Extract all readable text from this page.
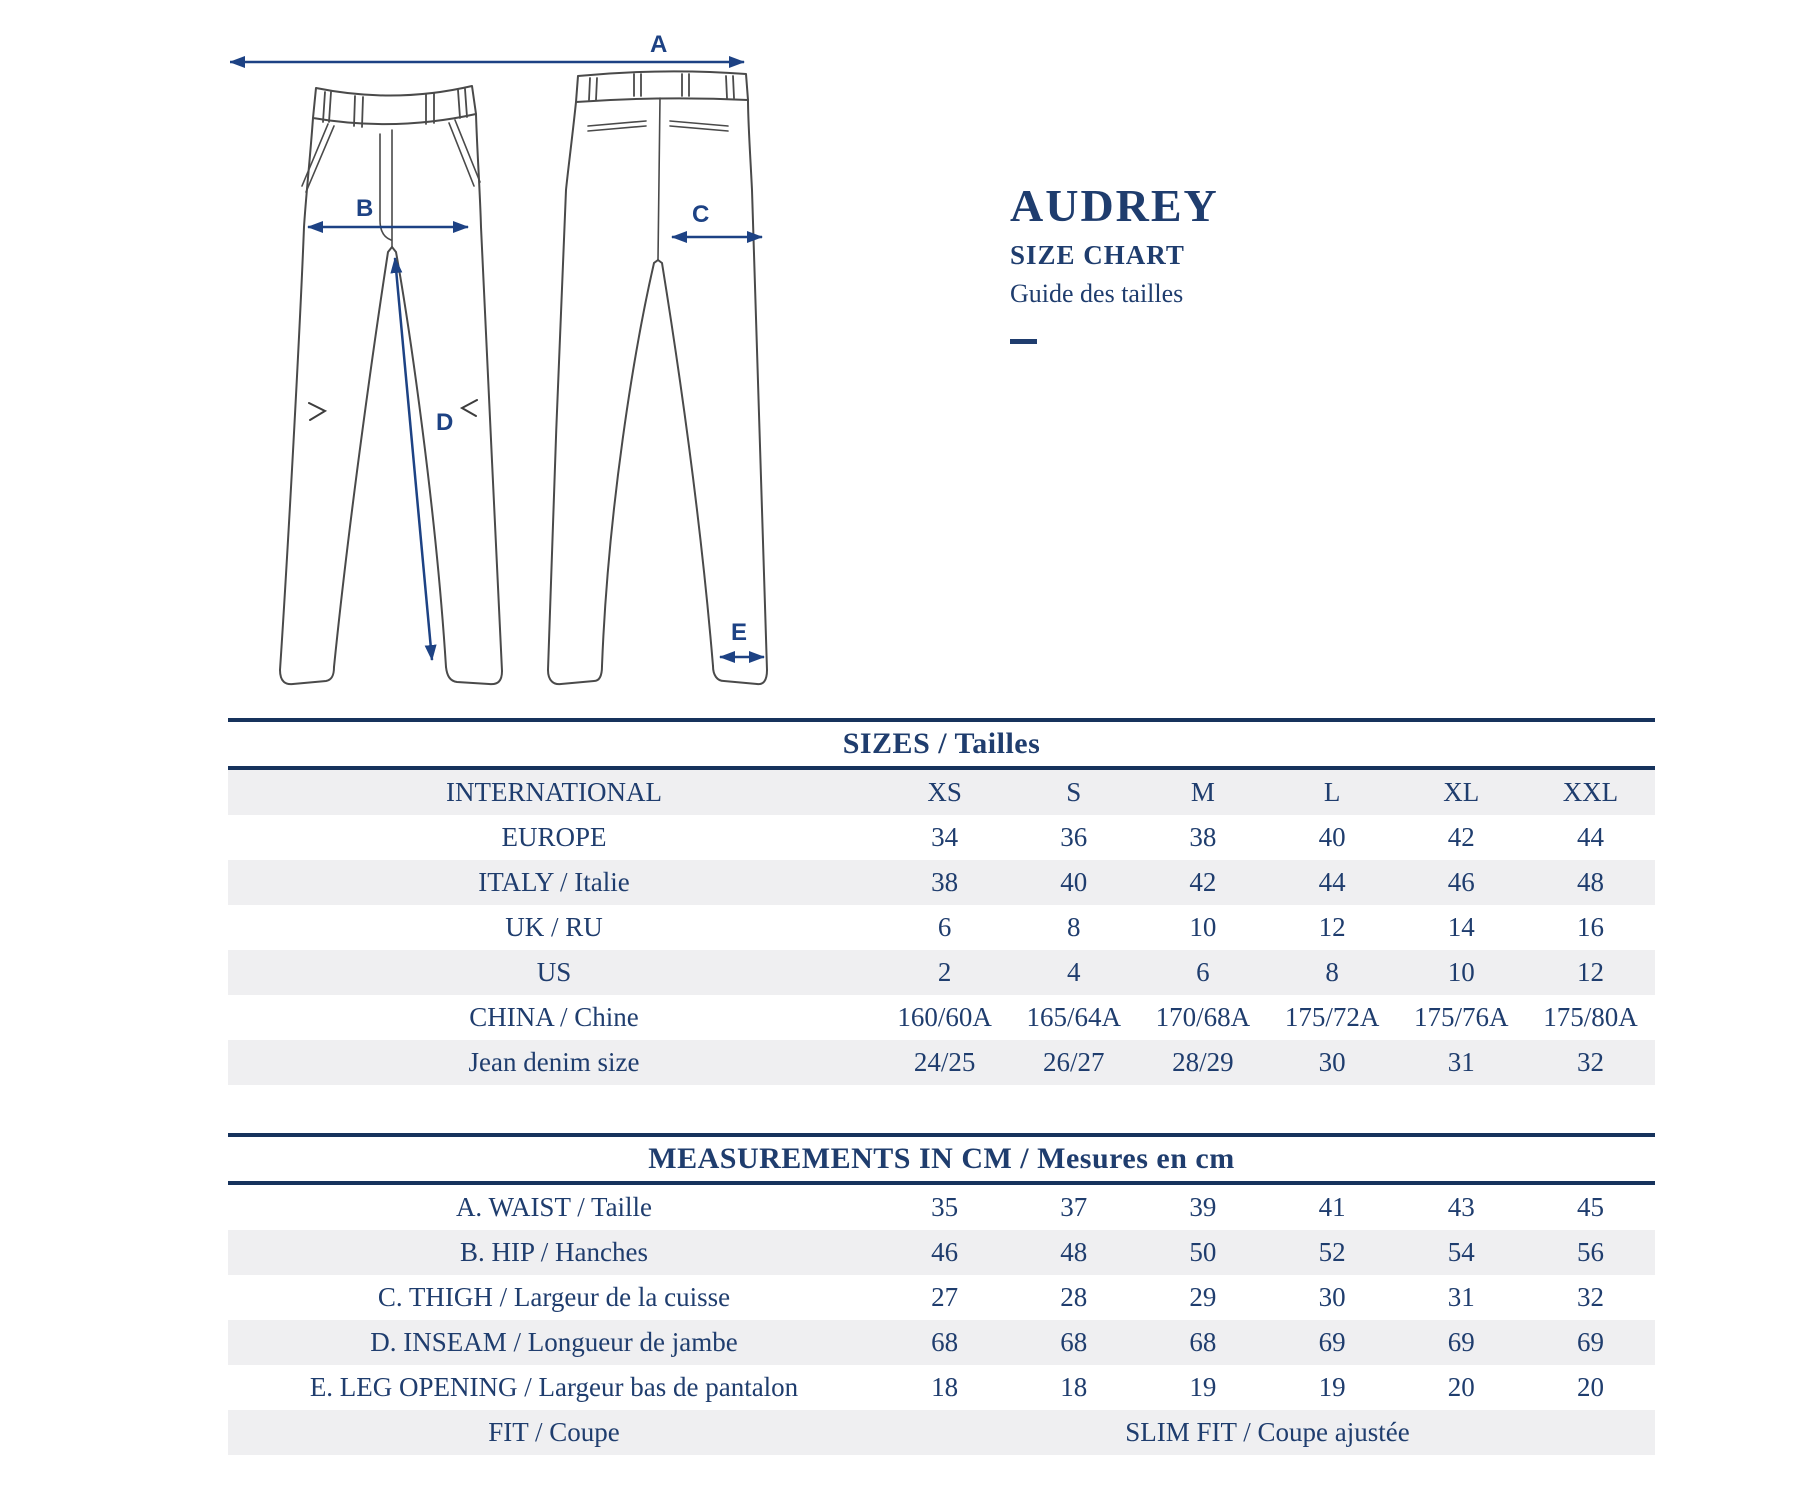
A
B	C
D
E
AUDREY
SIZE CHART
Guide des tailles
SIZES / Tailles
INTERNATIONAL	XS	S	M	L	XL	XXL
EUROPE	34	36	38	40	42	44
ITALY / Italie	38	40	42	44	46	48
UK / RU	6	8	10	12	14	16
US	2	4	6	8	10	12
CHINA / Chine	160/60A	165/64A	170/68A	175/72A	175/76A	175/80A
Jean denim size	24/25	26/27	28/29	30	31	32
MEASUREMENTS IN CM / Mesures en cm
A. WAIST / Taille	35	37	39	41	43	45
B. HIP / Hanches	46	48	50	52	54	56
C. THIGH / Largeur de la cuisse	27	28	29	30	31	32
D. INSEAM / Longueur de jambe	68	68	68	69	69	69
E. LEG OPENING / Largeur bas de pantalon	18	18	19	19	20	20
FIT / Coupe	SLIM FIT / Coupe ajustée
